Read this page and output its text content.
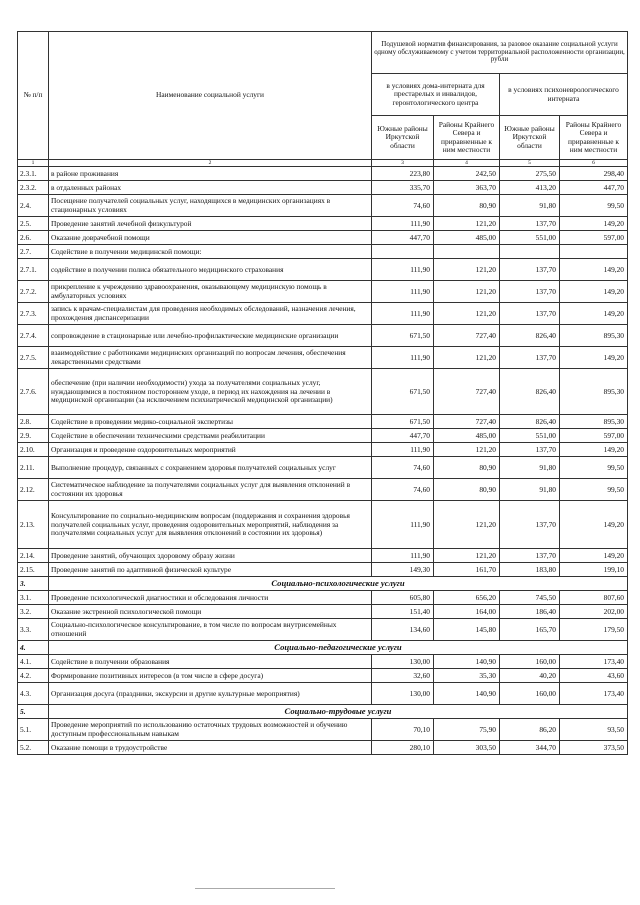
№ п/п	Наименование социальной услуги	Подушевой норматив финансирования, за разовое оказание социальной услуги одному обслуживаемому с учетом территориальной расположенности организации, рубли			
		в условиях дома-интерната для престарелых и инвалидов, геронтологического центра		в условиях психоневрологического интерната	
		Южные районы Иркутской области	Районы Крайнего Севера и приравненные к ним местности	Южные районы Иркутской области	Районы Крайнего Севера и приравненные к ним местности
1	2	3	4	5	6
2.3.1.	в районе проживания	223,80	242,50	275,50	298,40
2.3.2.	в отдаленных районах	335,70	363,70	413,20	447,70
2.4.	Посещение получателей социальных услуг, находящихся в медицинских организациях в стационарных условиях	74,60	80,90	91,80	99,50
2.5.	Проведение занятий лечебной физкультурой	111,90	121,20	137,70	149,20
2.6.	Оказание доврачебной помощи	447,70	485,00	551,00	597,00
2.7.	Содействие в получении медицинской помощи:				
2.7.1.	содействие в получении полиса обязательного медицинского страхования	111,90	121,20	137,70	149,20
2.7.2.	прикрепление к учреждению здравоохранения, оказывающему медицинскую помощь в амбулаторных условиях	111,90	121,20	137,70	149,20
2.7.3.	запись к врачам-специалистам для проведения необходимых обследований, назначения лечения, прохождения диспансеризации	111,90	121,20	137,70	149,20
2.7.4.	сопровождение в стационарные или лечебно-профилактические медицинские организации	671,50	727,40	826,40	895,30
2.7.5.	взаимодействие с работниками медицинских организаций по вопросам лечения, обеспечения лекарственными средствами	111,90	121,20	137,70	149,20
2.7.6.	обеспечение (при наличии необходимости) ухода за получателями социальных услуг, нуждающимися в постоянном постороннем уходе, в период их нахождения на лечении в медицинской организации (за исключением психиатрической медицинской организации)	671,50	727,40	826,40	895,30
2.8.	Содействие в проведении медико-социальной экспертизы	671,50	727,40	826,40	895,30
2.9.	Содействие в обеспечении техническими средствами реабилитации	447,70	485,00	551,00	597,00
2.10.	Организация и проведение оздоровительных мероприятий	111,90	121,20	137,70	149,20
2.11.	Выполнение процедур, связанных с сохранением здоровья получателей социальных услуг	74,60	80,90	91,80	99,50
2.12.	Систематическое наблюдение за получателями социальных услуг для выявления отклонений в состоянии их здоровья	74,60	80,90	91,80	99,50
2.13.	Консультирование по социально-медицинским вопросам (поддержания и сохранения здоровья получателей социальных услуг, проведения оздоровительных мероприятий, наблюдения за получателями социальных услуг для выявления отклонений в состоянии их здоровья)	111,90	121,20	137,70	149,20
2.14.	Проведение занятий, обучающих здоровому образу жизни	111,90	121,20	137,70	149,20
2.15.	Проведение занятий по адаптивной физической культуре	149,30	161,70	183,80	199,10
3.	Социально-психологические услуги				
3.1.	Проведение психологической диагностики и обследования личности	605,80	656,20	745,50	807,60
3.2.	Оказание экстренной психологической помощи	151,40	164,00	186,40	202,00
3.3.	Социально-психологическое консультирование, в том числе по вопросам внутрисемейных отношений	134,60	145,80	165,70	179,50
4.	Социально-педагогические услуги				
4.1.	Содействие в получении образования	130,00	140,90	160,00	173,40
4.2.	Формирование позитивных интересов (в том числе в сфере досуга)	32,60	35,30	40,20	43,60
4.3.	Организация досуга (праздники, экскурсии и другие культурные мероприятия)	130,00	140,90	160,00	173,40
5.	Социально-трудовые услуги				
5.1.	Проведение мероприятий по использованию остаточных трудовых возможностей и обучению доступным профессиональным навыкам	70,10	75,90	86,20	93,50
5.2.	Оказание помощи в трудоустройстве	280,10	303,50	344,70	373,50
